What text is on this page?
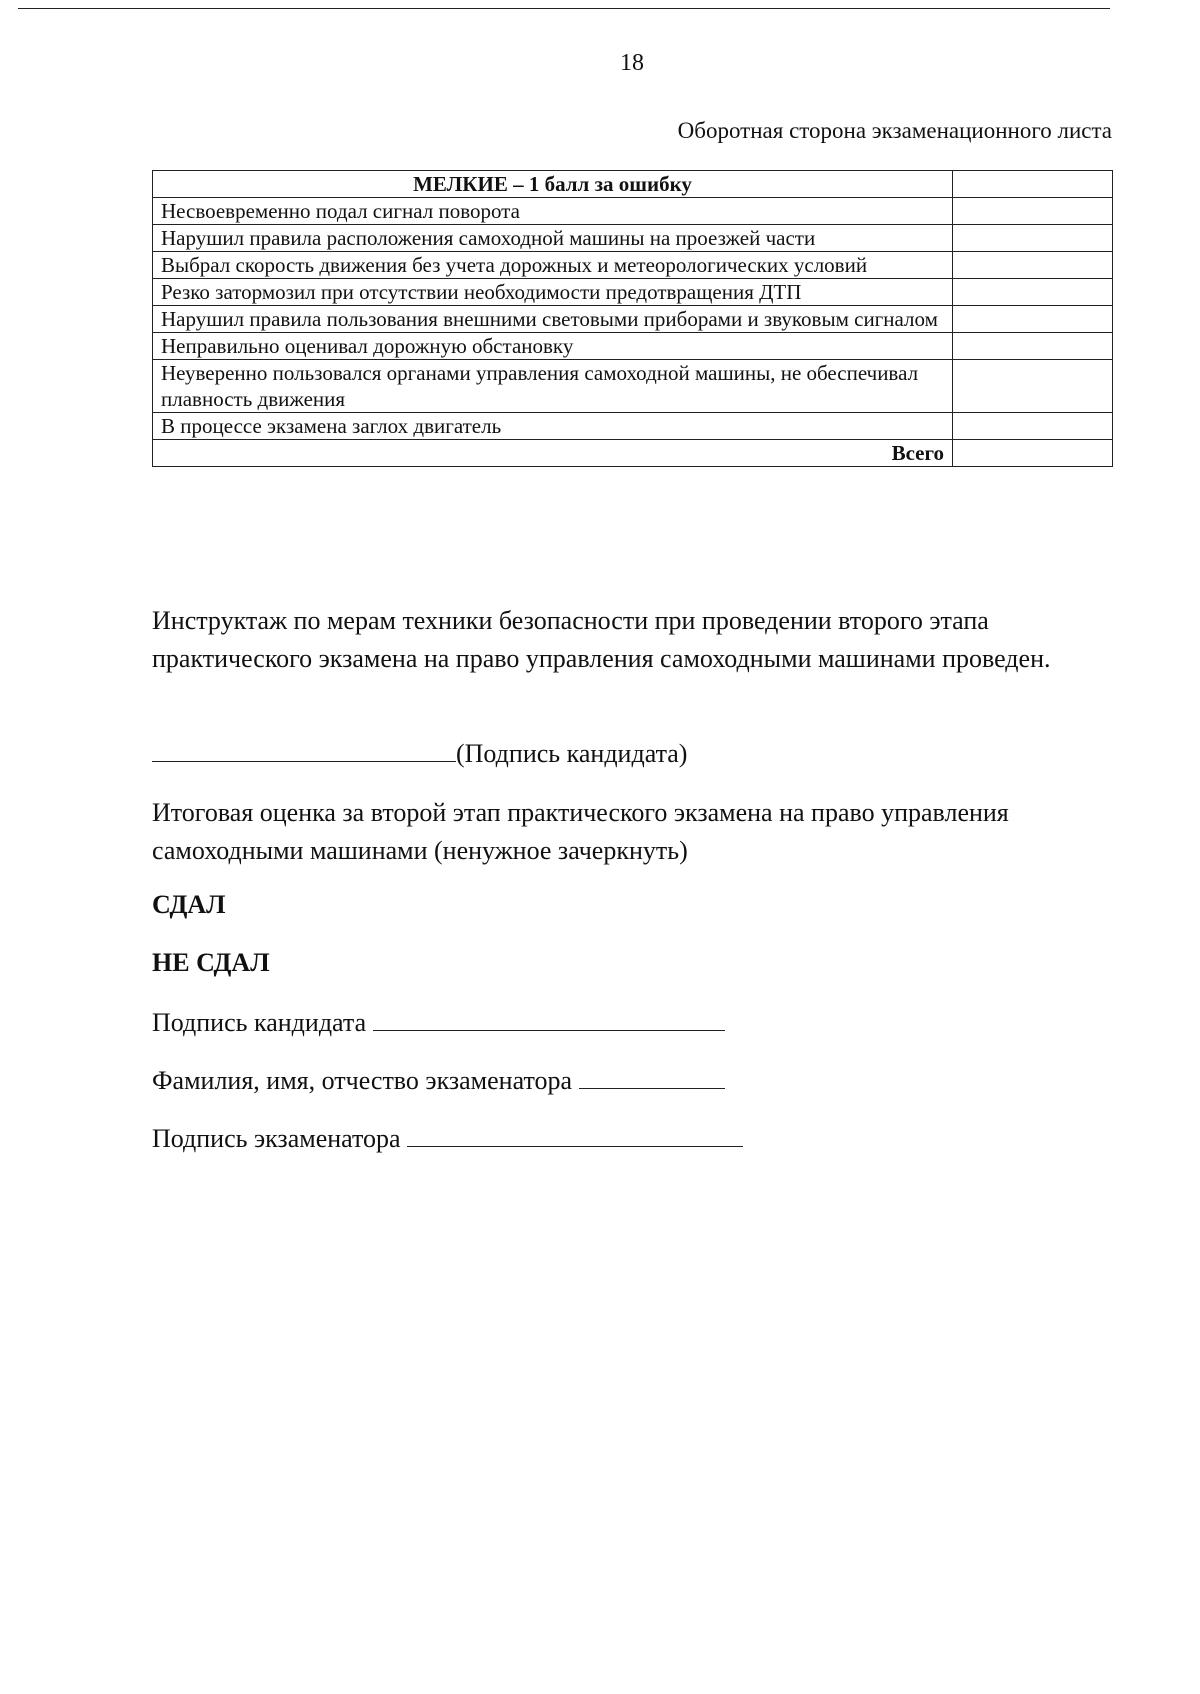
18
Оборотная сторона экзаменационного листа
МЕЛКИЕ – 1 балл за ошибку	
Несвоевременно подал сигнал поворота	
Нарушил правила расположения самоходной машины на проезжей части	
Выбрал скорость движения без учета дорожных и метеорологических условий	
Резко затормозил при отсутствии необходимости предотвращения ДТП	
Нарушил правила пользования внешними световыми приборами и звуковым сигналом	
Неправильно оценивал дорожную обстановку	
Неуверенно пользовался органами управления самоходной машины, не обеспечивал плавность движения	
В процессе экзамена заглох двигатель	
Всего	
Инструктаж по мерам техники безопасности при проведении второго этапа практического экзамена на право управления самоходными машинами проведен.
(Подпись кандидата)
Итоговая оценка за второй этап практического экзамена на право управления самоходными машинами (ненужное зачеркнуть)
СДАЛ
НЕ СДАЛ
Подпись кандидата
Фамилия, имя, отчество экзаменатора
Подпись экзаменатора
